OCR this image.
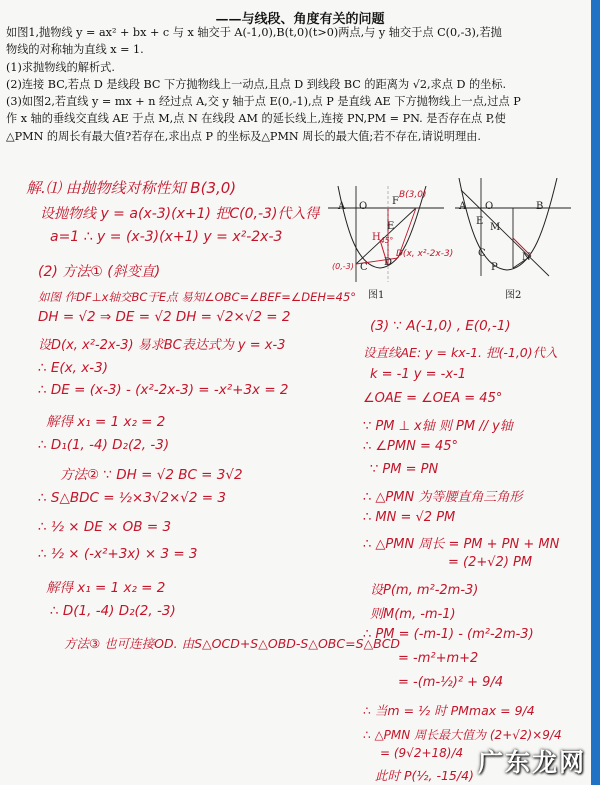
——与线段、角度有关的问题
如图1,抛物线 y = ax² + bx + c 与 x 轴交于 A(-1,0),B(t,0)(t>0)两点,与 y 轴交于点 C(0,-3),若抛
物线的对称轴为直线 x = 1.
(1)求抛物线的解析式.
(2)连接 BC,若点 D 是线段 BC 下方抛物线上一动点,且点 D 到线段 BC 的距离为 √2,求点 D 的坐标.
(3)如图2,若直线 y = mx + n 经过点 A,交 y 轴于点 E(0,-1),点 P 是直线 AE 下方抛物线上一点,过点 P
作 x 轴的垂线交直线 AE 于点 M,点 N 在线段 AM 的延长线上,连接 PN,PM = PN. 是否存在点 P,使
△PMN 的周长有最大值?若存在,求出点 P 的坐标及△PMN 周长的最大值;若不存在,请说明理由.
A O
E
F
H
C D
B(3,0)
(0,-3)
D(x, x²-2x-3)
45°
图1
A O	B
E
M
N
C
P
图2
解.⑴ 由抛物线对称性知 B(3,0)
设抛物线 y = a(x-3)(x+1) 把C(0,-3)代入得
a=1 ∴ y = (x-3)(x+1) y = x²-2x-3
(2) 方法① (斜变直)
如图 作DF⊥x轴交BC于E点 易知∠OBC=∠BEF=∠DEH=45°
DH = √2 ⇒ DE = √2 DH = √2×√2 = 2
设D(x, x²-2x-3) 易求BC表达式为 y = x-3
∴ E(x, x-3)
∴ DE = (x-3) - (x²-2x-3) = -x²+3x = 2
解得 x₁ = 1 x₂ = 2
∴ D₁(1, -4) D₂(2, -3)
方法② ∵ DH = √2 BC = 3√2
∴ S△BDC = ½×3√2×√2 = 3
∴ ½ × DE × OB = 3
∴ ½ × (-x²+3x) × 3 = 3
解得 x₁ = 1 x₂ = 2
∴ D(1, -4) D₂(2, -3)
方法③ 也可连接OD. 由S△OCD+S△OBD-S△OBC=S△BCD
(3) ∵ A(-1,0) , E(0,-1)
设直线AE: y = kx-1. 把(-1,0)代入
k = -1 y = -x-1
∠OAE = ∠OEA = 45°
∵ PM ⊥ x轴 则 PM // y轴
∴ ∠PMN = 45°
∵ PM = PN
∴ △PMN 为等腰直角三角形
∴ MN = √2 PM
∴ △PMN 周长 = PM + PN + MN
= (2+√2) PM
设P(m, m²-2m-3)
则M(m, -m-1)
∴ PM = (-m-1) - (m²-2m-3)
= -m²+m+2
= -(m-½)² + 9/4
∴ 当m = ½ 时 PMmax = 9/4
∴ △PMN 周长最大值为 (2+√2)×9/4
= (9√2+18)/4
此时 P(½, -15/4) 广东龙网
